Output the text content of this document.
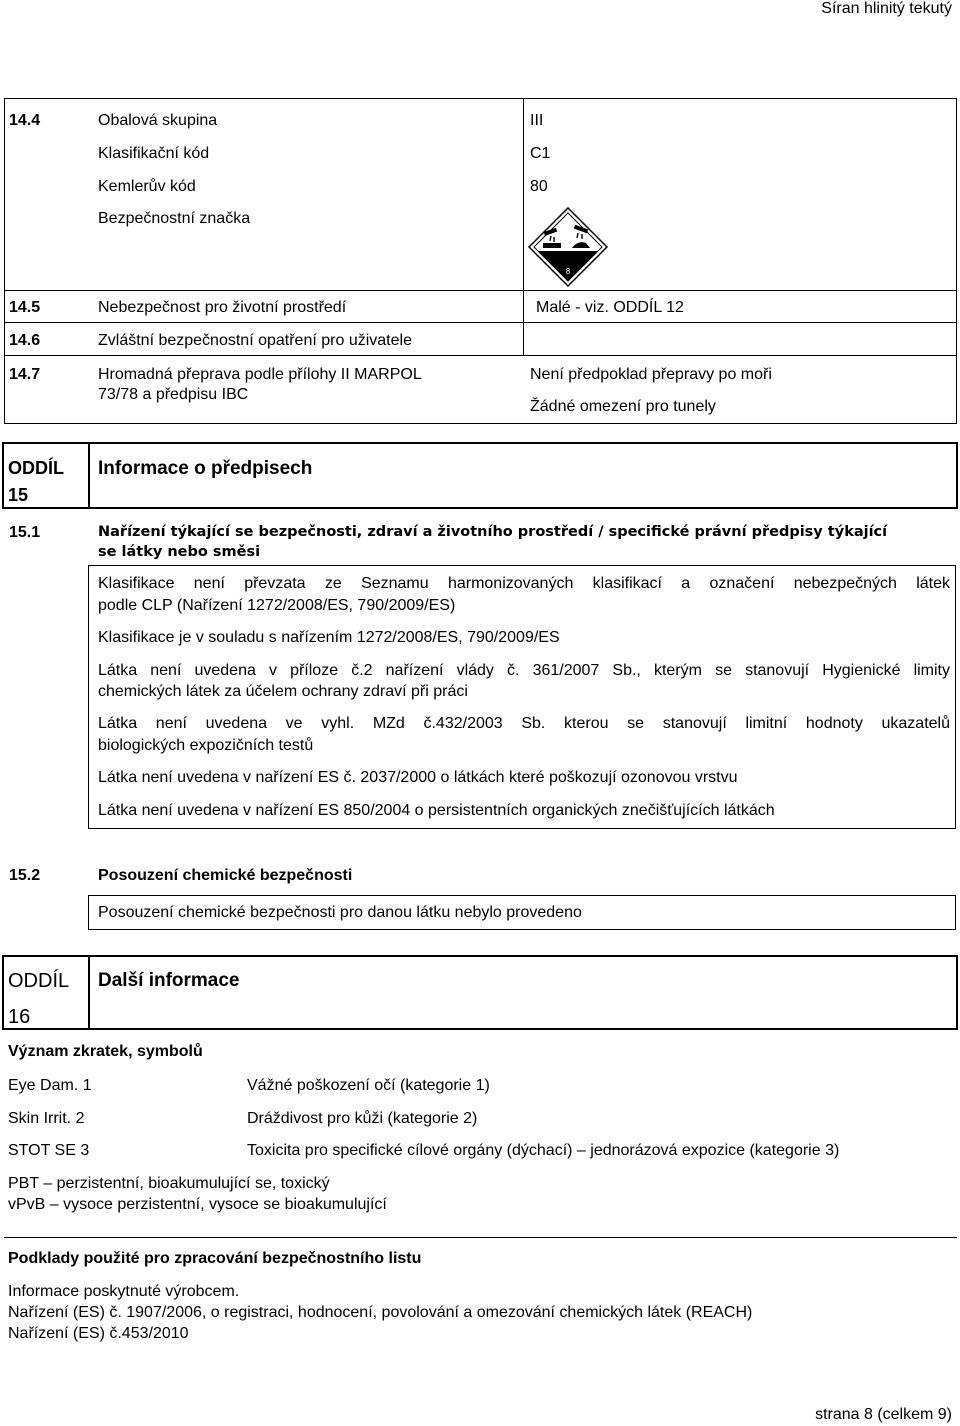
Síran hlinitý tekutý
14.4	Obalová skupina	III
Klasifikační kód	C1
Kemlerův kód	80
Bezpečnostní značka
8
14.5	Nebezpečnost pro životní prostředí	Malé - viz. ODDÍL 12
14.6	Zvláštní bezpečnostní opatření pro uživatele
14.7	Hromadná přeprava podle přílohy II MARPOL
73/78 a předpisu IBC
Není předpoklad přepravy po moři
Žádné omezení pro tunely
ODDÍL
15
Informace o předpisech
15.1	Nařízení týkající se bezpečnosti, zdraví a životního prostředí / specifické právní předpisy týkající
se látky nebo směsi
Klasifikace není převzata ze Seznamu harmonizovaných klasifikací a označení nebezpečných látek
podle CLP (Nařízení 1272/2008/ES, 790/2009/ES)
Klasifikace je v souladu s nařízením 1272/2008/ES, 790/2009/ES
Látka není uvedena v příloze č.2 nařízení vlády č. 361/2007 Sb., kterým se stanovují Hygienické limity
chemických látek za účelem ochrany zdraví při práci
Látka není uvedena ve vyhl. MZd č.432/2003 Sb. kterou se stanovují limitní hodnoty ukazatelů
biologických expozičních testů
Látka není uvedena v nařízení ES č. 2037/2000 o látkách které poškozují ozonovou vrstvu
Látka není uvedena v nařízení ES 850/2004 o persistentních organických znečišťujících látkách
15.2	Posouzení chemické bezpečnosti
Posouzení chemické bezpečnosti pro danou látku nebylo provedeno
ODDÍL
16
Další informace
Význam zkratek, symbolů
Eye Dam. 1	Vážné poškození očí (kategorie 1)
Skin Irrit. 2	Dráždivost pro kůži (kategorie 2)
STOT SE 3	Toxicita pro specifické cílové orgány (dýchací) – jednorázová expozice (kategorie 3)
PBT – perzistentní, bioakumulující se, toxický
vPvB – vysoce perzistentní, vysoce se bioakumulující
Podklady použité pro zpracování bezpečnostního listu
Informace poskytnuté výrobcem.
Nařízení (ES) č. 1907/2006, o registraci, hodnocení, povolování a omezování chemických látek (REACH)
Nařízení (ES) č.453/2010
strana 8 (celkem 9)
